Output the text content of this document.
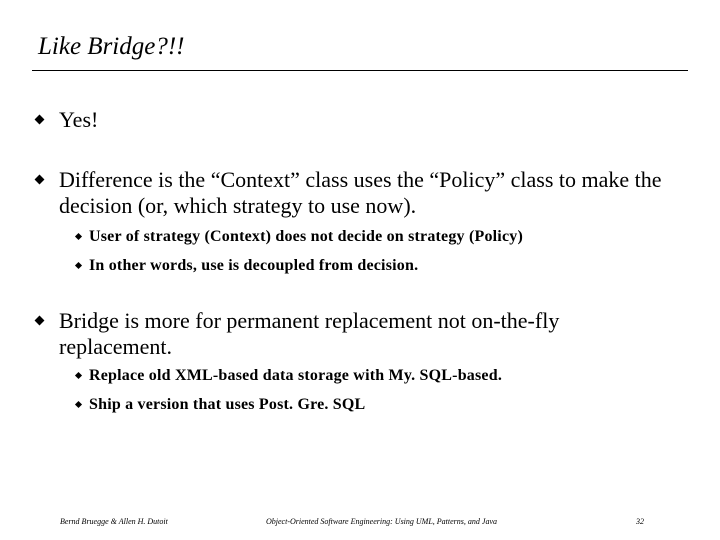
Like Bridge?!!
Yes!
Difference is the “Context” class uses the “Policy” class to make the decision (or, which strategy to use now).
User of strategy (Context) does not decide on strategy (Policy)
In other words, use is decoupled from decision.
Bridge is more for permanent replacement not on-the-fly replacement.
Replace old XML-based data storage with My. SQL-based.
Ship a version that uses Post. Gre. SQL
Bernd Bruegge & Allen H. Dutoit	Object-Oriented Software Engineering: Using UML, Patterns, and Java	32
